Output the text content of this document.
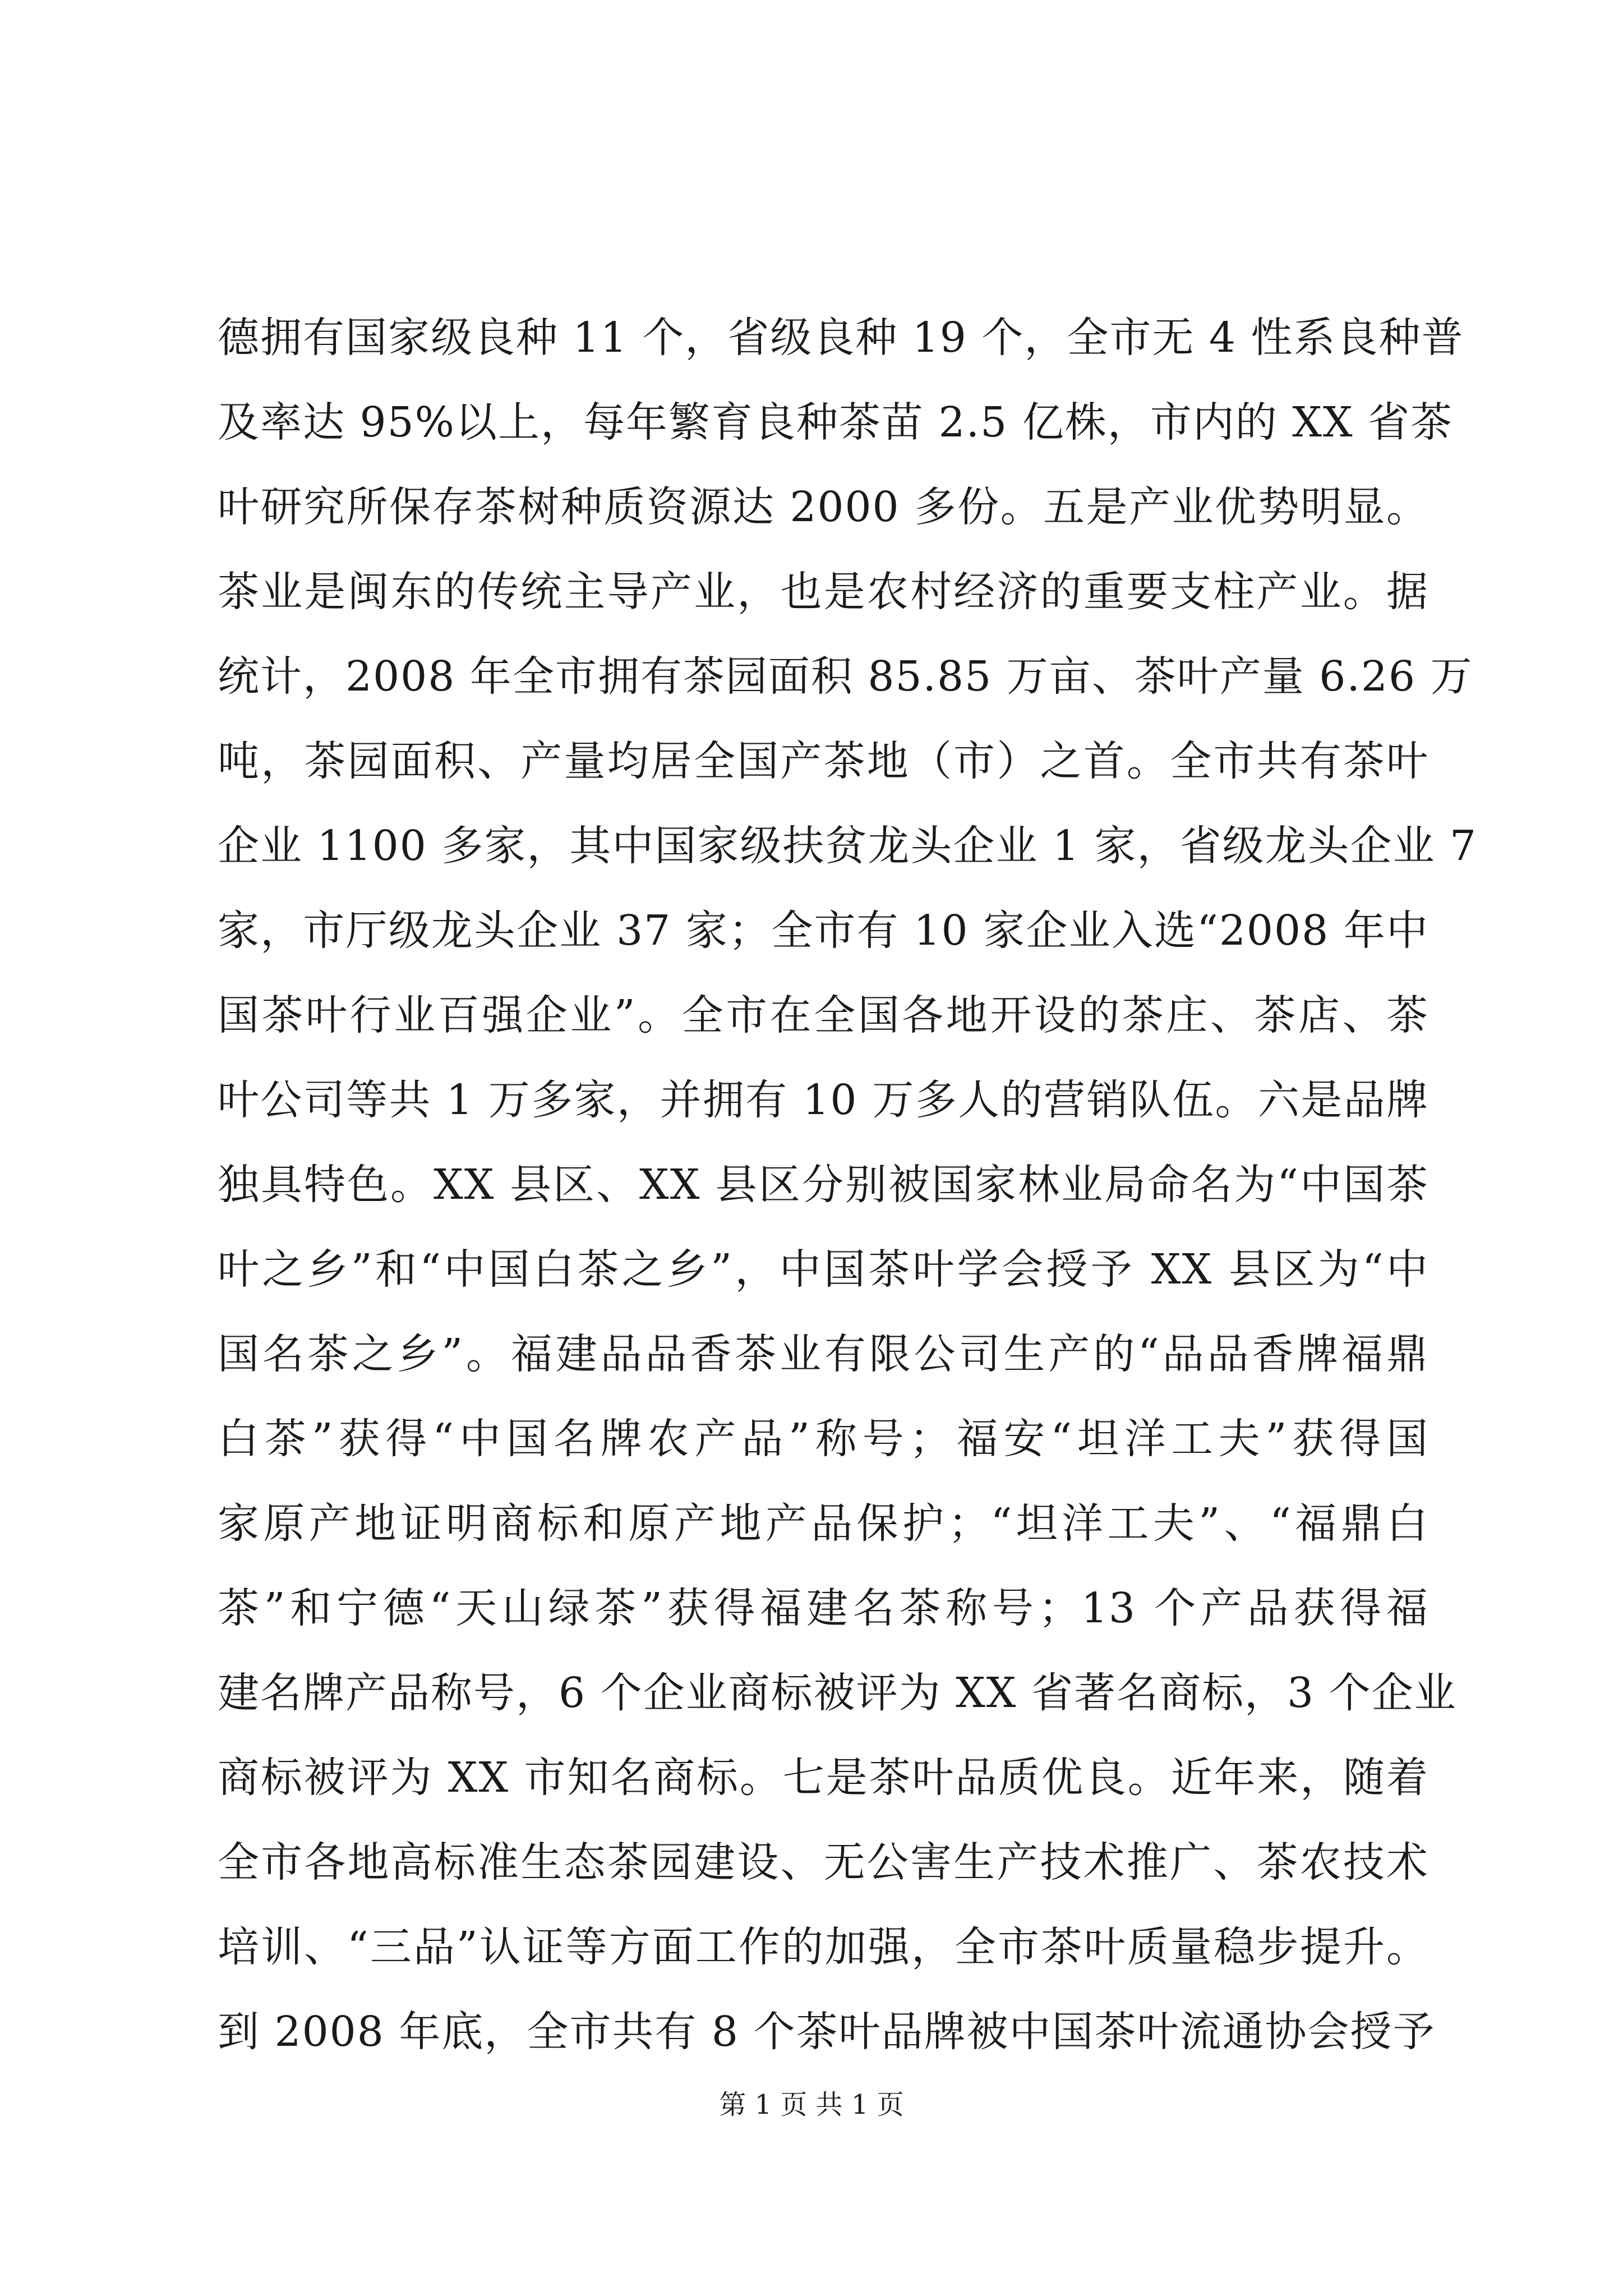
德拥有国家级良种 11 个，省级良种 19 个，全市无 4 性系良种普
及率达 95%以上，每年繁育良种茶苗 2.5 亿株，市内的 XX 省茶
叶研究所保存茶树种质资源达 2000 多份。五是产业优势明显。
茶业是闽东的传统主导产业，也是农村经济的重要支柱产业。据
统计，2008 年全市拥有茶园面积 85.85 万亩、茶叶产量 6.26 万
吨，茶园面积、产量均居全国产茶地（市）之首。全市共有茶叶
企业 1100 多家，其中国家级扶贫龙头企业 1 家，省级龙头企业 7
家，市厅级龙头企业 37 家；全市有 10 家企业入选“2008 年中
国茶叶行业百强企业”。全市在全国各地开设的茶庄、茶店、茶
叶公司等共 1 万多家，并拥有 10 万多人的营销队伍。六是品牌
独具特色。XX 县区、XX 县区分别被国家林业局命名为“中国茶
叶之乡”和“中国白茶之乡”，中国茶叶学会授予 XX 县区为“中
国名茶之乡”。福建品品香茶业有限公司生产的“品品香牌福鼎
白茶”获得“中国名牌农产品”称号；福安“坦洋工夫”获得国
家原产地证明商标和原产地产品保护；“坦洋工夫”、“福鼎白
茶”和宁德“天山绿茶”获得福建名茶称号；13 个产品获得福
建名牌产品称号，6 个企业商标被评为 XX 省著名商标，3 个企业
商标被评为 XX 市知名商标。七是茶叶品质优良。近年来，随着
全市各地高标准生态茶园建设、无公害生产技术推广、茶农技术
培训、“三品”认证等方面工作的加强，全市茶叶质量稳步提升。
到 2008 年底，全市共有 8 个茶叶品牌被中国茶叶流通协会授予
第 1 页 共 1 页
